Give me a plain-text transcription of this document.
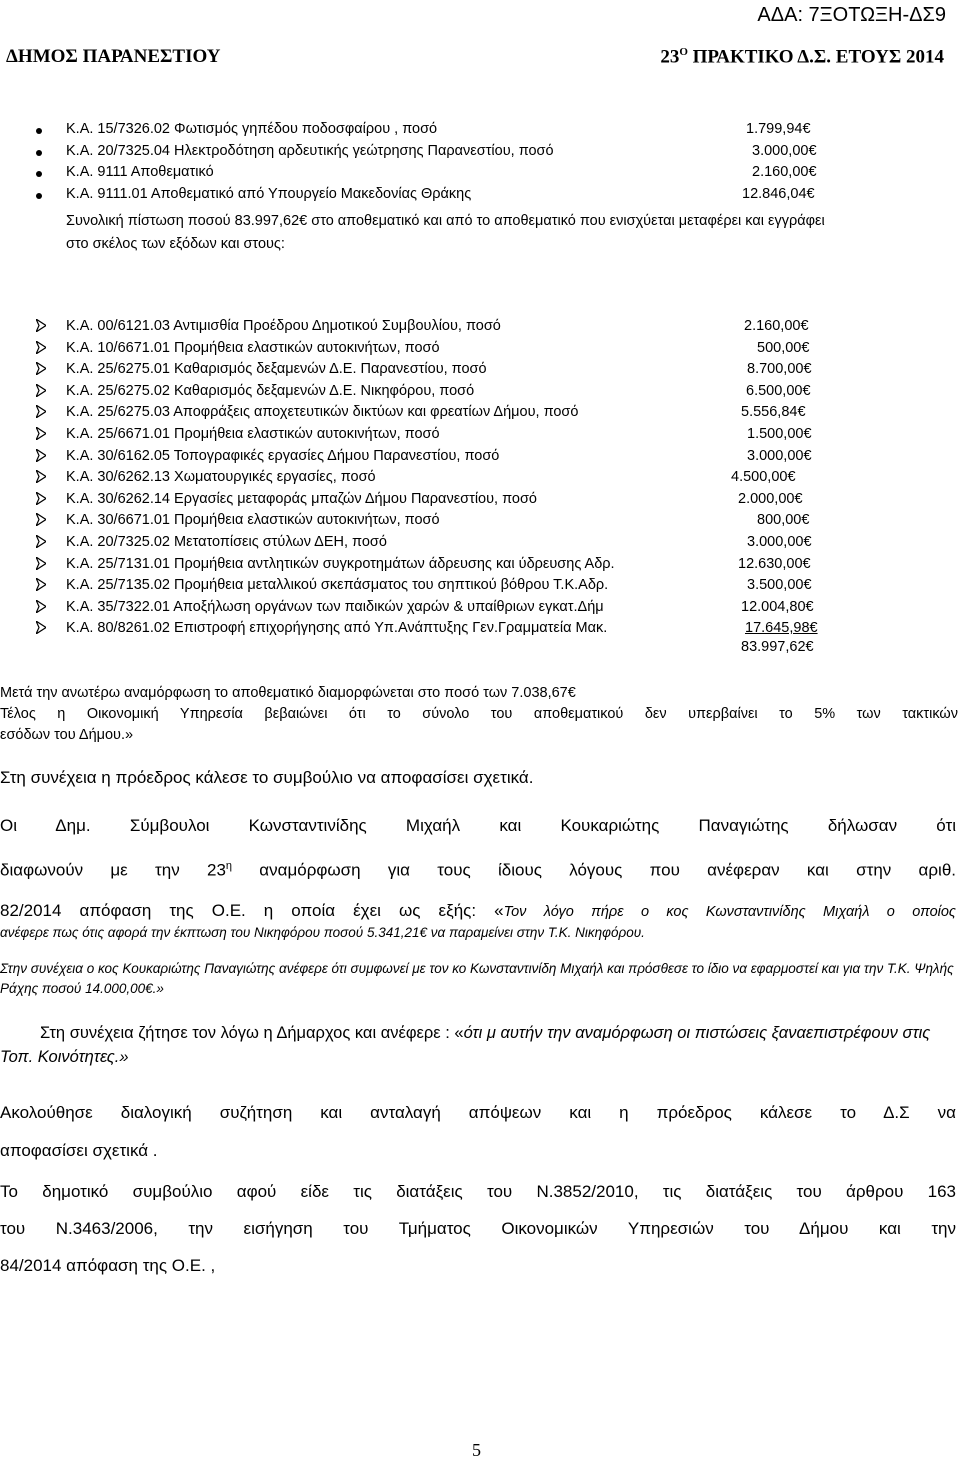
ΑΔΑ: 7ΞΟΤΩΞΗ-ΔΣ9
ΔΗΜΟΣ ΠΑΡΑΝΕΣΤΙΟΥ	$23^O$ ΠΡΑΚΤΙΚΟ Δ.Σ. ΕΤΟΥΣ 2014
Κ.Α. 15/7326.02 Φωτισμός γηπέδου ποδοσφαίρου , ποσό	1.799,94€
Κ.Α. 20/7325.04 Ηλεκτροδότηση αρδευτικής γεώτρησης Παρανεστίου, ποσό	3.000,00€
Κ.Α. 9111 Αποθεματικό	2.160,00€
Κ.Α. 9111.01 Αποθεματικό από Υπουργείο Μακεδονίας Θράκης	12.846,04€
Συνολική πίστωση ποσού 83.997,62€ στο αποθεματικό και από το αποθεματικό που ενισχύεται μεταφέρει και εγγράφει στο σκέλος των εξόδων και στους:
Κ.Α. 00/6121.03 Αντιμισθία Προέδρου Δημοτικού Συμβουλίου, ποσό	2.160,00€
Κ.Α. 10/6671.01 Προμήθεια ελαστικών αυτοκινήτων, ποσό	500,00€
Κ.Α. 25/6275.01 Καθαρισμός δεξαμενών Δ.Ε. Παρανεστίου, ποσό	8.700,00€
Κ.Α. 25/6275.02 Καθαρισμός δεξαμενών Δ.Ε. Νικηφόρου, ποσό	6.500,00€
Κ.Α. 25/6275.03 Αποφράξεις αποχετευτικών δικτύων και φρεατίων Δήμου, ποσό	5.556,84€
Κ.Α. 25/6671.01 Προμήθεια ελαστικών αυτοκινήτων, ποσό	1.500,00€
Κ.Α. 30/6162.05 Τοπογραφικές εργασίες Δήμου Παρανεστίου, ποσό	3.000,00€
Κ.Α. 30/6262.13 Χωματουργικές εργασίες, ποσό	4.500,00€
Κ.Α. 30/6262.14 Εργασίες μεταφοράς μπαζών Δήμου Παρανεστίου, ποσό	2.000,00€
Κ.Α. 30/6671.01 Προμήθεια ελαστικών αυτοκινήτων, ποσό	800,00€
Κ.Α. 20/7325.02 Μετατοπίσεις στύλων ΔΕΗ, ποσό	3.000,00€
Κ.Α. 25/7131.01 Προμήθεια αντλητικών συγκροτημάτων άδρευσης και ύδρευσης Αδρ.	12.630,00€
Κ.Α. 25/7135.02 Προμήθεια μεταλλικού σκεπάσματος του σηπτικού βόθρου Τ.Κ.Αδρ.	3.500,00€
Κ.Α. 35/7322.01 Αποξήλωση οργάνων των παιδικών χαρών & υπαίθριων εγκατ.Δήμ	12.004,80€
Κ.Α. 80/8261.02 Επιστροφή επιχορήγησης από Υπ.Ανάπτυξης Γεν.Γραμματεία Μακ.	17.645,98€
83.997,62€
Μετά την ανωτέρω αναμόρφωση το αποθεματικό διαμορφώνεται στο ποσό των 7.038,67€
Τέλος η Οικονομική Υπηρεσία βεβαιώνει ότι το σύνολο του αποθεματικού δεν υπερβαίνει το 5% των τακτικών
εσόδων του Δήμου.»
Στη συνέχεια η πρόεδρος κάλεσε το συμβούλιο να αποφασίσει σχετικά.
Οι Δημ. Σύμβουλοι Κωνσταντινίδης Μιχαήλ και Κουκαριώτης Παναγιώτης δήλωσαν ότι
διαφωνούν με την $23^\eta$ αναμόρφωση για τους ίδιους λόγους που ανέφεραν και στην αριθ.
82/2014 απόφαση της Ο.Ε. η οποία έχει ως εξής: «Τον λόγο πήρε ο κος Κωνσταντινίδης Μιχαήλ ο οποίος
ανέφερε πως ότις αφορά την έκπτωση του Νικηφόρου ποσού 5.341,21€ να παραμείνει στην Τ.Κ. Νικηφόρου.
Στην συνέχεια ο κος Κουκαριώτης Παναγιώτης ανέφερε ότι συμφωνεί με τον κο Κωνσταντινίδη Μιχαήλ και πρόσθεσε το ίδιο να εφαρμοστεί και για την Τ.Κ. Ψηλής Ράχης ποσού 14.000,00€.»
Στη συνέχεια ζήτησε τον λόγω η Δήμαρχος και ανέφερε : «ότι μ αυτήν την αναμόρφωση οι πιστώσεις ξαναεπιστρέφουν στις Τοπ. Κοινότητες.»
Ακολούθησε διαλογική συζήτηση και ανταλαγή απόψεων και η πρόεδρος κάλεσε το Δ.Σ να
αποφασίσει σχετικά .
Το δημοτικό συμβούλιο αφού είδε τις διατάξεις του Ν.3852/2010, τις διατάξεις του άρθρου 163
του Ν.3463/2006, την εισήγηση του Τμήματος Οικονομικών Υπηρεσιών του Δήμου και την
84/2014 απόφαση της Ο.Ε. ,
5
